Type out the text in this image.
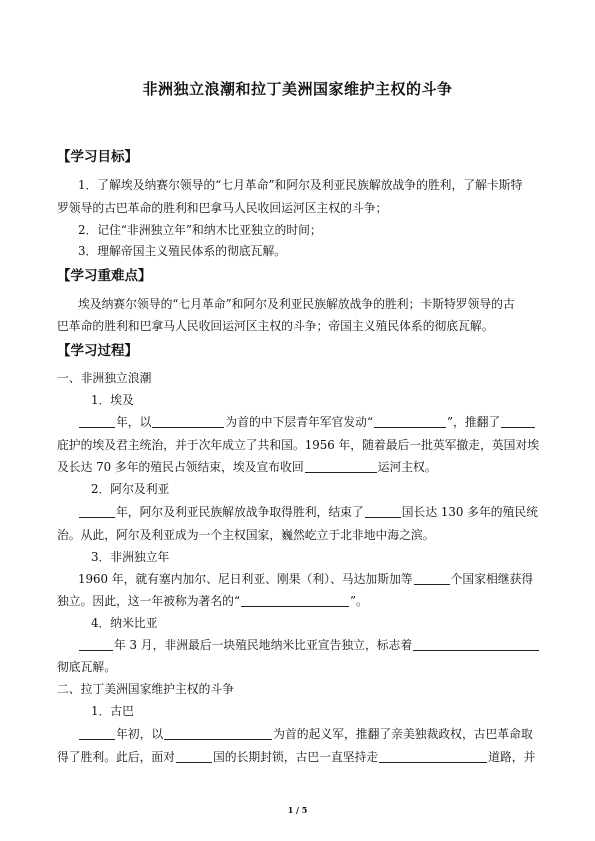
非洲独立浪潮和拉丁美洲国家维护主权的斗争
【学习目标】
1．了解埃及纳赛尔领导的“七月革命”和阿尔及利亚民族解放战争的胜利，了解卡斯特
罗领导的古巴革命的胜利和巴拿马人民收回运河区主权的斗争；
2．记住“非洲独立年”和纳木比亚独立的时间；
3．理解帝国主义殖民体系的彻底瓦解。
【学习重难点】
埃及纳赛尔领导的“七月革命”和阿尔及利亚民族解放战争的胜利；卡斯特罗领导的古
巴革命的胜利和巴拿马人民收回运河区主权的斗争；帝国主义殖民体系的彻底瓦解。
【学习过程】
一、非洲独立浪潮
1．埃及
年，以	为首的中下层青年军官发动“	”，推翻了
庇护的埃及君主统治，并于次年成立了共和国。1956 年，随着最后一批英军撤走，英国对埃
及长达 70 多年的殖民占领结束，埃及宣布收回	运河主权。
2．阿尔及利亚
年，阿尔及利亚民族解放战争取得胜利，结束了	国长达 130 多年的殖民统
治。从此，阿尔及利亚成为一个主权国家，巍然屹立于北非地中海之滨。
3．非洲独立年
1960 年，就有塞内加尔、尼日利亚、刚果（利）、马达加斯加等	个国家相继获得
独立。因此，这一年被称为著名的“	”。
4．纳米比亚
年 3 月，非洲最后一块殖民地纳米比亚宣告独立，标志着
彻底瓦解。
二、拉丁美洲国家维护主权的斗争
1．古巴
年初，以	为首的起义军，推翻了亲美独裁政权，古巴革命取
得了胜利。此后，面对	国的长期封锁，古巴一直坚持走	道路，并
1 / 5
